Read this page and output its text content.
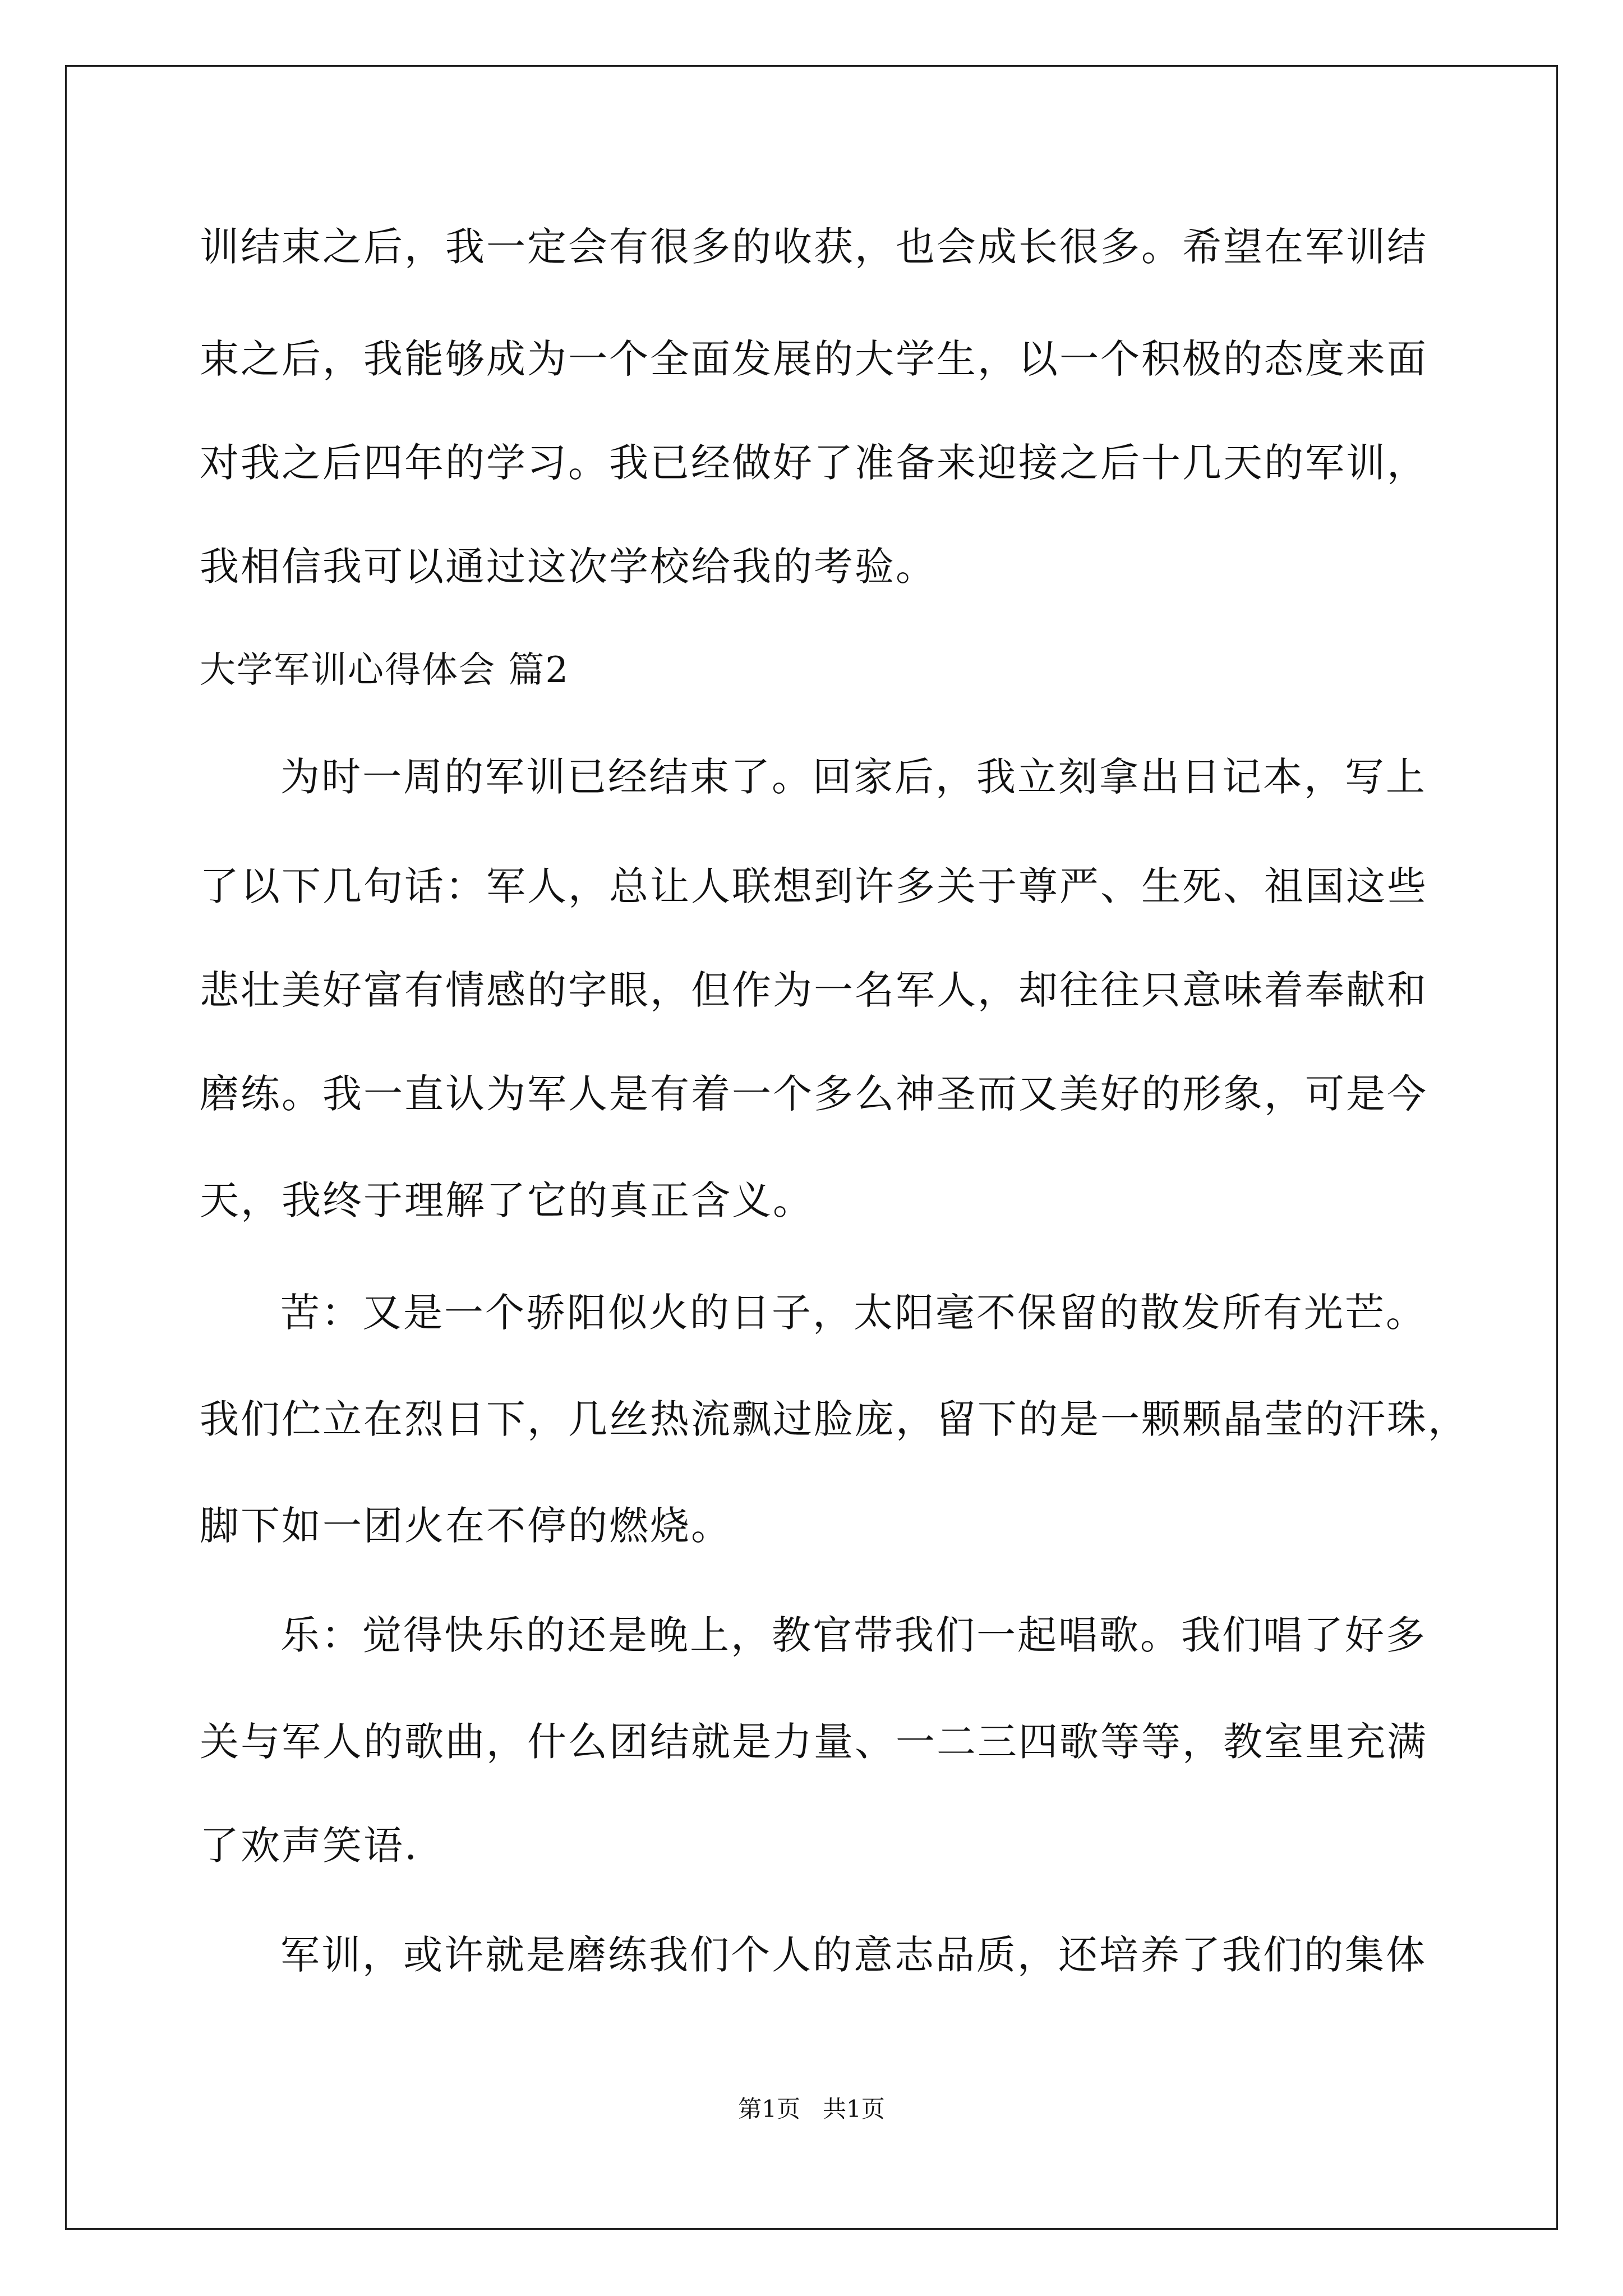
训结束之后，我一定会有很多的收获，也会成长很多。希望在军训结
束之后，我能够成为一个全面发展的大学生，以一个积极的态度来面
对我之后四年的学习。我已经做好了准备来迎接之后十几天的军训，
我相信我可以通过这次学校给我的考验。
大学军训心得体会 篇2
为时一周的军训已经结束了。回家后，我立刻拿出日记本，写上
了以下几句话：军人，总让人联想到许多关于尊严、生死、祖国这些
悲壮美好富有情感的字眼，但作为一名军人，却往往只意味着奉献和
磨练。我一直认为军人是有着一个多么神圣而又美好的形象，可是今
天，我终于理解了它的真正含义。
苦：又是一个骄阳似火的日子，太阳毫不保留的散发所有光芒。
我们伫立在烈日下，几丝热流飘过脸庞，留下的是一颗颗晶莹的汗珠，
脚下如一团火在不停的燃烧。
乐：觉得快乐的还是晚上，教官带我们一起唱歌。我们唱了好多
关与军人的歌曲，什么团结就是力量、一二三四歌等等，教室里充满
了欢声笑语.
军训，或许就是磨练我们个人的意志品质，还培养了我们的集体
第1页   共1页
